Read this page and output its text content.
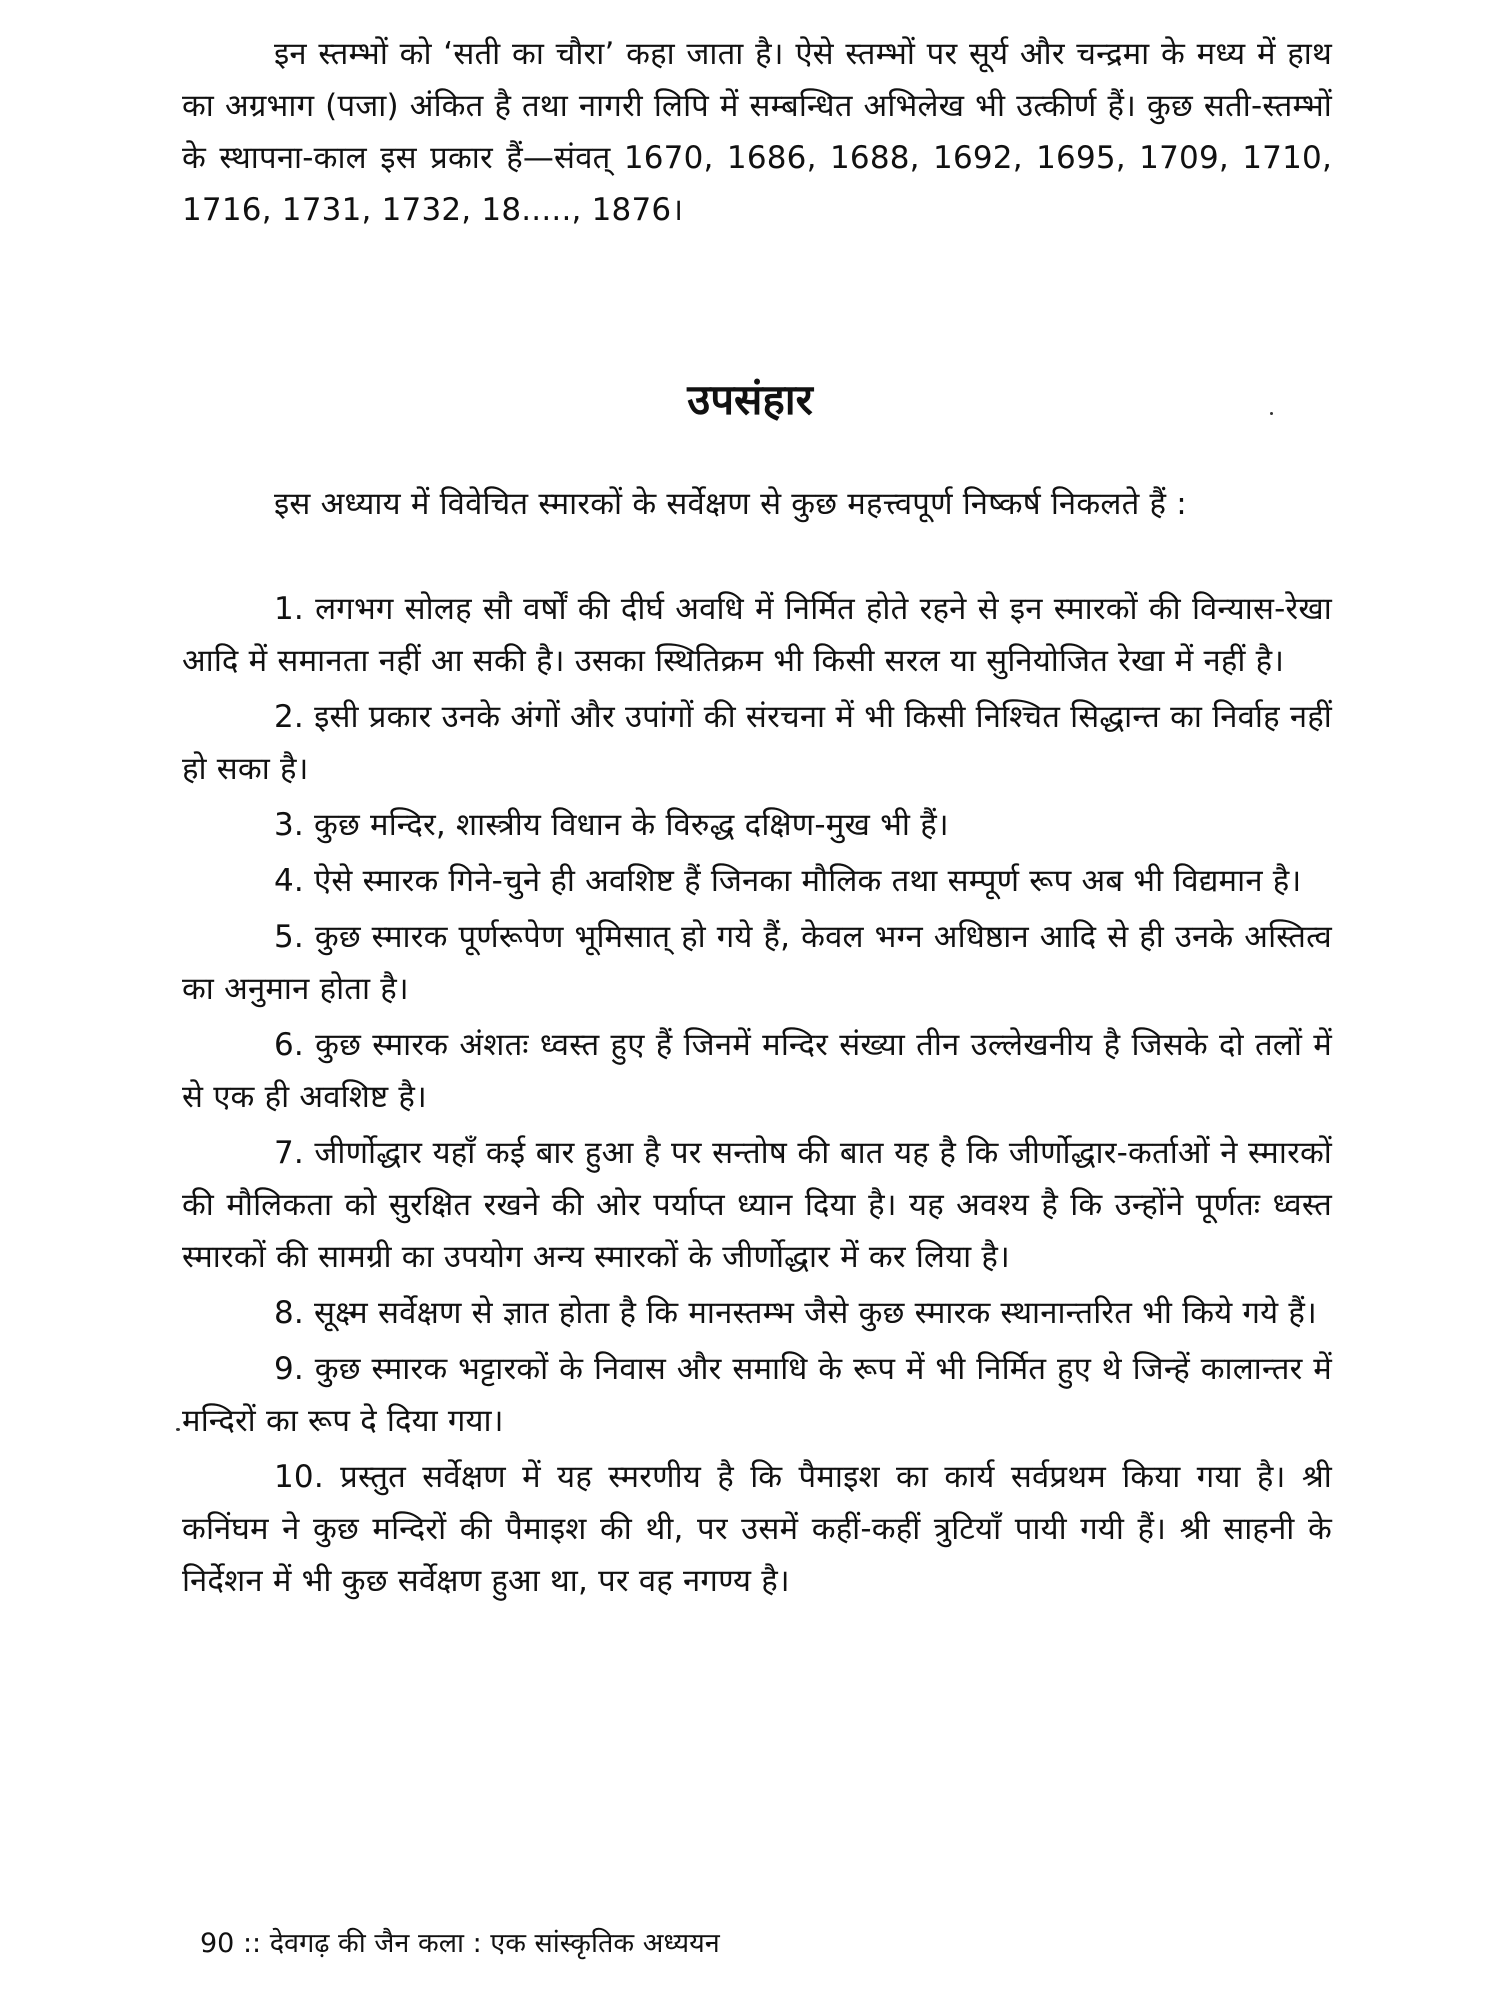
इन स्तम्भों को ‘सती का चौरा’ कहा जाता है। ऐसे स्तम्भों पर सूर्य और चन्द्रमा के मध्य में हाथ का अग्रभाग (पजा) अंकित है तथा नागरी लिपि में सम्बन्धित अभिलेख भी उत्कीर्ण हैं। कुछ सती-स्तम्भों के स्थापना-काल इस प्रकार हैं—संवत् 1670, 1686, 1688, 1692, 1695, 1709, 1710, 1716, 1731, 1732, 18....., 1876।

उपसंहार

इस अध्याय में विवेचित स्मारकों के सर्वेक्षण से कुछ महत्त्वपूर्ण निष्कर्ष निकलते हैं :

1. लगभग सोलह सौ वर्षों की दीर्घ अवधि में निर्मित होते रहने से इन स्मारकों की विन्यास-रेखा आदि में समानता नहीं आ सकी है। उसका स्थितिक्रम भी किसी सरल या सुनियोजित रेखा में नहीं है।

2. इसी प्रकार उनके अंगों और उपांगों की संरचना में भी किसी निश्चित सिद्धान्त का निर्वाह नहीं हो सका है।

3. कुछ मन्दिर, शास्त्रीय विधान के विरुद्ध दक्षिण-मुख भी हैं।

4. ऐसे स्मारक गिने-चुने ही अवशिष्ट हैं जिनका मौलिक तथा सम्पूर्ण रूप अब भी विद्यमान है।

5. कुछ स्मारक पूर्णरूपेण भूमिसात् हो गये हैं, केवल भग्न अधिष्ठान आदि से ही उनके अस्तित्व का अनुमान होता है।

6. कुछ स्मारक अंशतः ध्वस्त हुए हैं जिनमें मन्दिर संख्या तीन उल्लेखनीय है जिसके दो तलों में से एक ही अवशिष्ट है।

7. जीर्णोद्धार यहाँ कई बार हुआ है पर सन्तोष की बात यह है कि जीर्णोद्धार-कर्ताओं ने स्मारकों की मौलिकता को सुरक्षित रखने की ओर पर्याप्त ध्यान दिया है। यह अवश्य है कि उन्होंने पूर्णतः ध्वस्त स्मारकों की सामग्री का उपयोग अन्य स्मारकों के जीर्णोद्धार में कर लिया है।

8. सूक्ष्म सर्वेक्षण से ज्ञात होता है कि मानस्तम्भ जैसे कुछ स्मारक स्थानान्तरित भी किये गये हैं।

9. कुछ स्मारक भट्टारकों के निवास और समाधि के रूप में भी निर्मित हुए थे जिन्हें कालान्तर में मन्दिरों का रूप दे दिया गया।

10. प्रस्तुत सर्वेक्षण में यह स्मरणीय है कि पैमाइश का कार्य सर्वप्रथम किया गया है। श्री कनिंघम ने कुछ मन्दिरों की पैमाइश की थी, पर उसमें कहीं-कहीं त्रुटियाँ पायी गयी हैं। श्री साहनी के निर्देशन में भी कुछ सर्वेक्षण हुआ था, पर वह नगण्य है।

90 :: देवगढ़ की जैन कला : एक सांस्कृतिक अध्ययन
